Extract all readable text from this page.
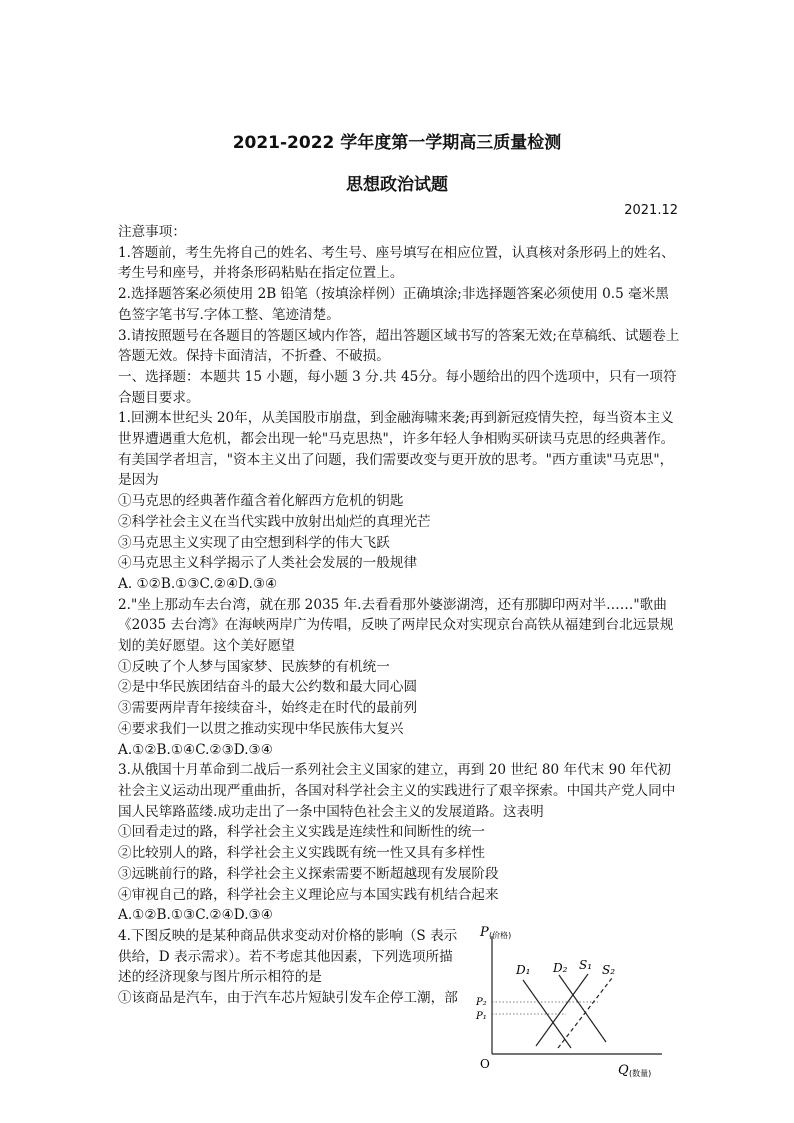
2021-2022 学年度第一学期高三质量检测
思想政治试题
2021.12

注意事项：

1.答题前，考生先将自己的姓名、考生号、座号填写在相应位置，认真核对条形码上的姓名、考生号和座号，并将条形码粘贴在指定位置上。

2.选择题答案必须使用 2B 铅笔（按填涂样例）正确填涂;非选择题答案必须使用 0.5 毫米黑色签字笔书写.字体工整、笔迹清楚。

3.请按照题号在各题目的答题区域内作答，超出答题区域书写的答案无效;在草稿纸、试题卷上答题无效。保持卡面清洁，不折叠、不破损。

一、选择题：本题共 15 小题，每小题 3 分.共 45分。每小题给出的四个选项中，只有一项符合题目要求。

1.回溯本世纪头 20年，从美国股市崩盘，到金融海啸来袭;再到新冠疫情失控，每当资本主义世界遭遇重大危机，都会出现一轮"马克思热"，许多年轻人争相购买研读马克思的经典著作。有美国学者坦言，"资本主义出了问题，我们需要改变与更开放的思考。"西方重读"马克思"，是因为

①马克思的经典著作蕴含着化解西方危机的钥匙

②科学社会主义在当代实践中放射出灿烂的真理光芒

③马克思主义实现了由空想到科学的伟大飞跃

④马克思主义科学揭示了人类社会发展的一般规律

A. ①②B.①③C.②④D.③④

2."坐上那动车去台湾，就在那 2035 年.去看看那外婆澎湖湾，还有那脚印两对半……"歌曲《2035 去台湾》在海峡两岸广为传唱，反映了两岸民众对实现京台高铁从福建到台北远景规划的美好愿望。这个美好愿望

①反映了个人梦与国家梦、民族梦的有机统一

②是中华民族团结奋斗的最大公约数和最大同心圆

③需要两岸青年接续奋斗，始终走在时代的最前列

④要求我们一以贯之推动实现中华民族伟大复兴

A.①②B.①④C.②③D.③④

3.从俄国十月革命到二战后一系列社会主义国家的建立，再到 20 世纪 80 年代末 90 年代初社会主义运动出现严重曲折，各国对科学社会主义的实践进行了艰辛探索。中国共产党人同中国人民筚路蓝缕.成功走出了一条中国特色社会主义的发展道路。这表明

①回看走过的路，科学社会主义实践是连续性和间断性的统一

②比较别人的路，科学社会主义实践既有统一性又具有多样性

③远眺前行的路，科学社会主义探索需要不断超越现有发展阶段

④审视自己的路，科学社会主义理论应与本国实践有机结合起来

A.①②B.①③C.②④D.③④

4.下图反映的是某种商品供求变动对价格的影响（S 表示供给，D 表示需求）。若不考虑其他因素，下列选项所描述的经济现象与图片所示相符的是

①该商品是汽车，由于汽车芯片短缺引发车企停工潮，部

P (价格)
Q (数量)
O
D₁ D₂ S₁ S₂
P₂
P₁
